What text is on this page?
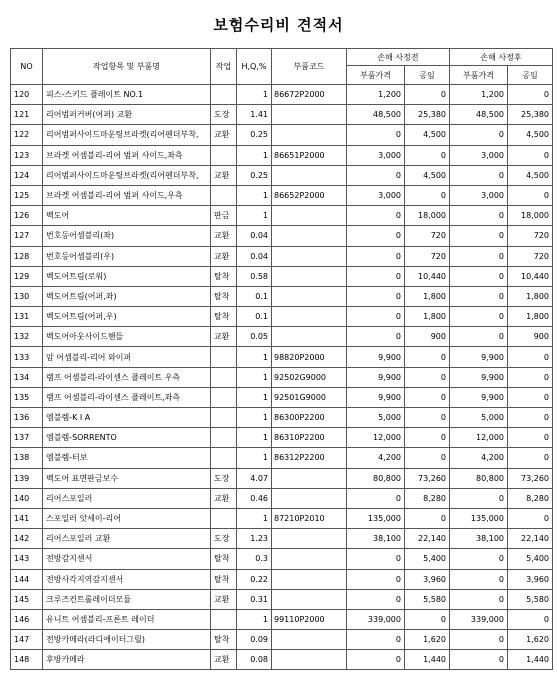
보험수리비 견적서
NO	작업항목 및 부품명	작업	H,Q,%	부품코드	손해 사정전		손해 사정후	
					부품가격	공임	부품가격	공임
120	피스-스키드 플레이트 NO.1		1	86672P2000	1,200	0	1,200	0
121	리어범퍼커버(어퍼) 교환	도장	1.41		48,500	25,380	48,500	25,380
122	리어범퍼사이드마운팅브라켓(리어펜더부착,	교환	0.25		0	4,500	0	4,500
123	브라켓 어셈블리-리어 범퍼 사이드,좌측		1	86651P2000	3,000	0	3,000	0
124	리어범퍼사이드마운팅브라켓(리어펜더부착,	교환	0.25		0	4,500	0	4,500
125	브라켓 어셈블리-리어 범퍼 사이드,우측		1	86652P2000	3,000	0	3,000	0
126	백도어	판금	1		0	18,000	0	18,000
127	번호등어셈블리(좌)	교환	0.04		0	720	0	720
128	번호등어셈블리(우)	교환	0.04		0	720	0	720
129	백도어트림(로워)	탈착	0.58		0	10,440	0	10,440
130	백도어트림(어퍼,좌)	탈착	0.1		0	1,800	0	1,800
131	백도어트림(어퍼,우)	탈착	0.1		0	1,800	0	1,800
132	백도어아웃사이드핸들	교환	0.05		0	900	0	900
133	암 어셈블리-리어 와이퍼		1	98820P2000	9,900	0	9,900	0
134	램프 어셈블리-라이센스 플레이트 우측		1	92502G9000	9,900	0	9,900	0
135	램프 어셈블리-라이센스 플레이트,좌측		1	92501G9000	9,900	0	9,900	0
136	엠블렘-K I A		1	86300P2200	5,000	0	5,000	0
137	엠블렘-SORRENTO		1	86310P2200	12,000	0	12,000	0
138	엠블렘-터보		1	86312P2200	4,200	0	4,200	0
139	백도어 표면판금보수	도장	4.07		80,800	73,260	80,800	73,260
140	리어스포일러	교환	0.46		0	8,280	0	8,280
141	스포일러 앗세이-리어		1	87210P2010	135,000	0	135,000	0
142	리어스포일러 교환	도장	1.23		38,100	22,140	38,100	22,140
143	전방감지센서	탈착	0.3		0	5,400	0	5,400
144	전방사각지역감지센서	탈착	0.22		0	3,960	0	3,960
145	크루즈컨트롤레이더모듈	교환	0.31		0	5,580	0	5,580
146	유니트 어셈블리-프론트 레이더		1	99110P2000	339,000	0	339,000	0
147	전방카메라(라디에이터그릴)	탈착	0.09		0	1,620	0	1,620
148	후방카메라	교환	0.08		0	1,440	0	1,440
